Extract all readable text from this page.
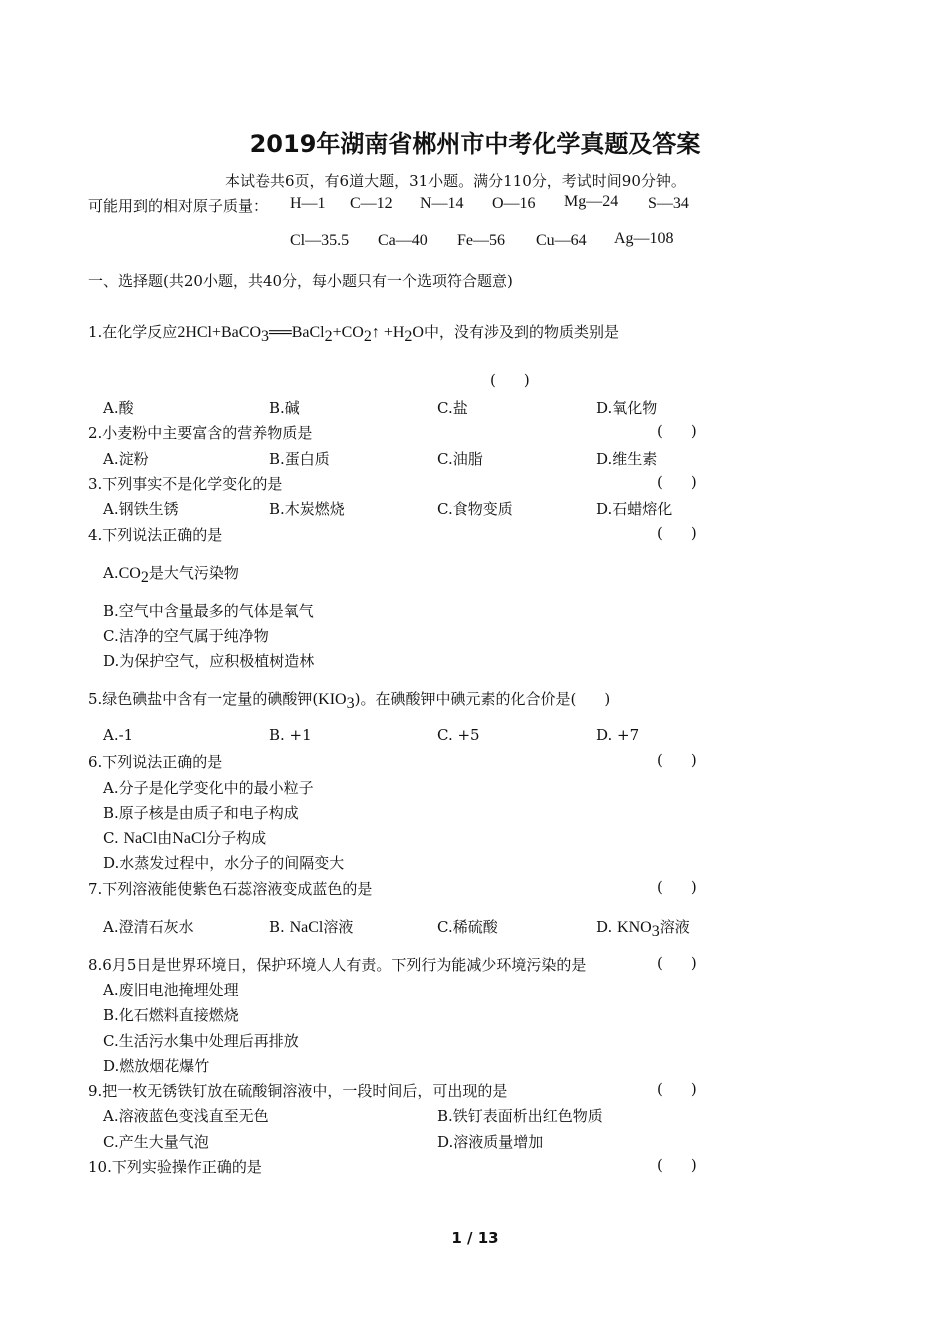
2019年湖南省郴州市中考化学真题及答案
本试卷共6页，有6道大题，31小题。满分110分，考试时间90分钟。
可能用到的相对原子质量： H—1 C—12 N—14 O—16 Mg—24 S—34
Cl—35.5 Ca—40 Fe—56 Cu—64 Ag—108
一、选择题(共20小题，共40分，每小题只有一个选项符合题意)
1.在化学反应$2HCl+BaCO_3══BaCl_2+CO_2↑ +H_2O$中，没有涉及到的物质类别是
( )
A.酸	B.碱	C.盐	D.氧化物
2.小麦粉中主要富含的营养物质是	( )
A.淀粉	B.蛋白质	C.油脂	D.维生素
3.下列事实不是化学变化的是	( )
A.钢铁生锈	B.木炭燃烧	C.食物变质	D.石蜡熔化
4.下列说法正确的是	( )
$A.CO_2$是大气污染物
B.空气中含量最多的气体是氧气
C.洁净的空气属于纯净物
D.为保护空气，应积极植树造林
5.绿色碘盐中含有一定量的碘酸钾$(KIO_3)$。在碘酸钾中碘元素的化合价是( )
A.-1	B. +1	C. +5	D. +7
6.下列说法正确的是	( )
A.分子是化学变化中的最小粒子
B.原子核是由质子和电子构成
C. NaCl由NaCl分子构成
D.水蒸发过程中，水分子的间隔变大
7.下列溶液能使紫色石蕊溶液变成蓝色的是	( )
A.澄清石灰水	B. NaCl溶液	C.稀硫酸	D. $KNO_3$溶液
8.6月5日是世界环境日，保护环境人人有责。下列行为能减少环境污染的是	( )
A.废旧电池掩埋处理
B.化石燃料直接燃烧
C.生活污水集中处理后再排放
D.燃放烟花爆竹
9.把一枚无锈铁钉放在硫酸铜溶液中，一段时间后，可出现的是	( )
A.溶液蓝色变浅直至无色	B.铁钉表面析出红色物质
C.产生大量气泡	D.溶液质量增加
10.下列实验操作正确的是	( )
1 / 13
